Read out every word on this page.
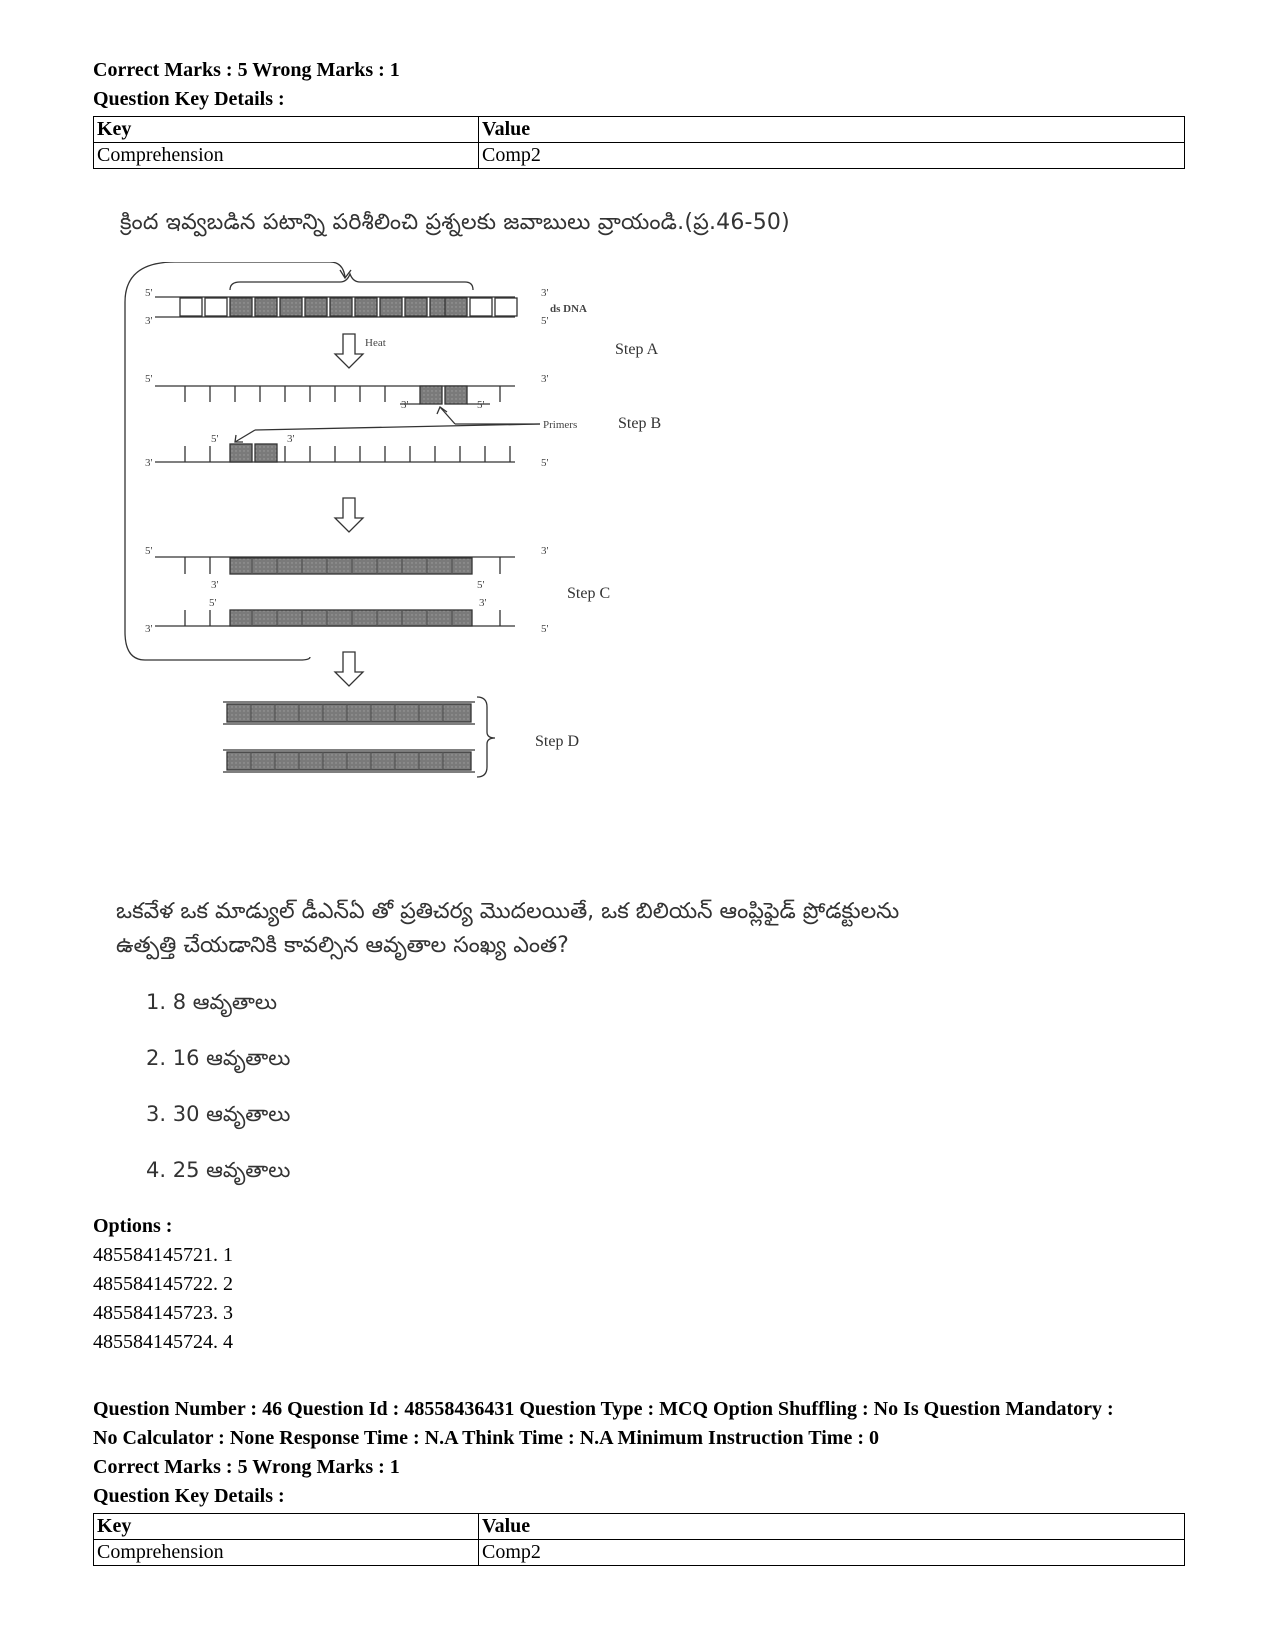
Correct Marks : 5 Wrong Marks : 1

Question Key Details :

Key	Value
Comprehension	Comp2
క్రింద ఇవ్వబడిన పటాన్ని పరిశీలించి ప్రశ్నలకు జవాబులు వ్రాయండి.(ప్ర.46-50)
5'
3'
3'
5'
5'	3'
3'	5'
5'	3'
3'	5'
5'	3'
3'	5'
5'	3'
3'	5'
ds DNA
Heat
Primers
Step A
Step B
Step C
Step D
ఒకవేళ ఒక మాడ్యుల్ డీఎన్ఏ తో ప్రతిచర్య మొదలయితే, ఒక బిలియన్ ఆంప్లిఫైడ్ ప్రోడక్టులను
ఉత్పత్తి చేయడానికి కావల్సిన ఆవృతాల సంఖ్య ఎంత?
1. 8 ఆవృతాలు
2. 16 ఆవృతాలు
3. 30 ఆవృతాలు
4. 25 ఆవృతాలు
Options :
485584145721. 1
485584145722. 2
485584145723. 3
485584145724. 4

Question Number : 46 Question Id : 48558436431 Question Type : MCQ Option Shuffling : No Is Question Mandatory :

No Calculator : None Response Time : N.A Think Time : N.A Minimum Instruction Time : 0

Correct Marks : 5 Wrong Marks : 1

Question Key Details :

Key	Value
Comprehension	Comp2
